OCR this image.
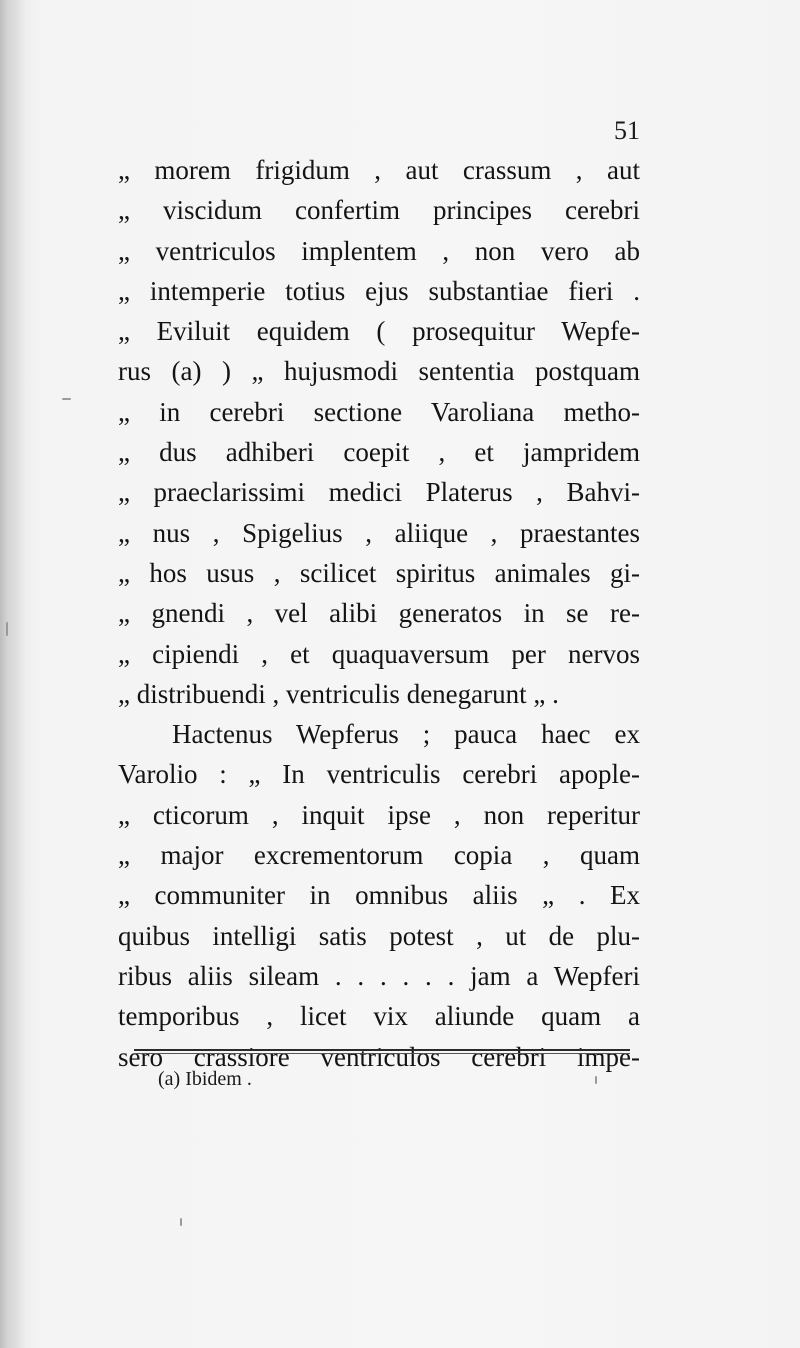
51
„ morem frigidum , aut crassum , aut
„ viscidum confertim principes cerebri
„ ventriculos implentem , non vero ab
„ intemperie totius ejus substantiae fieri .
„ Eviluit equidem ( prosequitur Wepfe-
rus (a) ) „ hujusmodi sententia postquam
„ in cerebri sectione Varoliana metho-
„ dus adhiberi coepit , et jampridem
„ praeclarissimi medici Platerus , Bahvi-
„ nus , Spigelius , aliique , praestantes
„ hos usus , scilicet spiritus animales gi-
„ gnendi , vel alibi generatos in se re-
„ cipiendi , et quaquaversum per nervos
„ distribuendi , ventriculis denegarunt „ .
Hactenus Wepferus ; pauca haec ex
Varolio : „ In ventriculis cerebri apople-
„ cticorum , inquit ipse , non reperitur
„ major excrementorum copia , quam
„ communiter in omnibus aliis „ . Ex
quibus intelligi satis potest , ut de plu-
ribus aliis sileam . . . . . . jam a Wepferi
temporibus , licet vix aliunde quam a
sero crassiore ventriculos cerebri impe-
(a) Ibidem .
